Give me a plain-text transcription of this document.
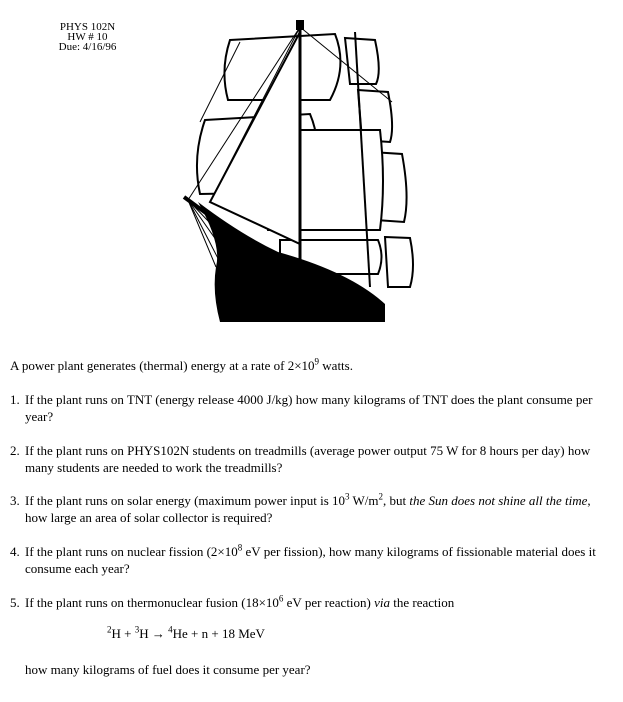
PHYS 102N
HW # 10
Due: 4/16/96
A power plant generates (thermal) energy at a rate of $2\times 10^9$ watts.
1. If the plant runs on TNT (energy release 4000 J/kg) how many kilograms of TNT does the plant consume per year?
2. If the plant runs on PHYS102N students on treadmills (average power output 75 W for 8 hours per day) how many students are needed to work the treadmills?
3. If the plant runs on solar energy (maximum power input is $10^3$ $W/m^2$, but the Sun does not shine all the time, how large an area of solar collector is required?
4. If the plant runs on nuclear fission ($2\times 10^8$ eV per fission), how many kilograms of fissionable material does it consume each year?
5. If the plant runs on thermonuclear fusion ($18\times 10^6$ eV per reaction) via the reaction
$^2$H + $^3$H → $^4$He + n + 18 MeV
how many kilograms of fuel does it consume per year?
